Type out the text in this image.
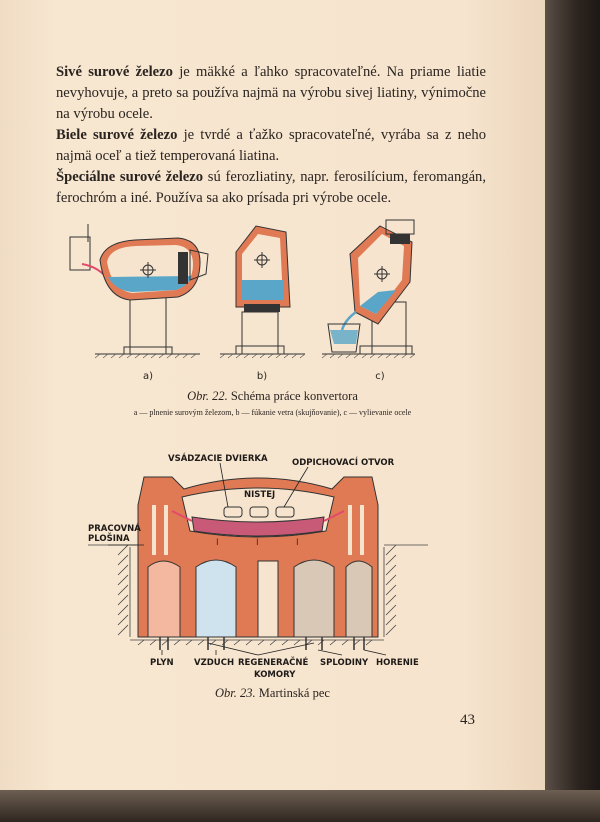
Sivé surové železo je mäkké a ľahko spracovateľné. Na priame liatie nevyhovuje, a preto sa používa najmä na výrobu sivej liatiny, výnimočne na výrobu ocele.

Biele surové železo je tvrdé a ťažko spracovateľné, vyrába sa z neho najmä oceľ a tiež temperovaná liatina.

Špeciálne surové železo sú ferozliatiny, napr. ferosilícium, feromangán, ferochróm a iné. Používa sa ako prísada pri výrobe ocele.

a)	b)	c)
Obr. 22. Schéma práce konvertora
a — plnenie surovým železom, b — fúkanie vetra (skujňovanie), c — vylievanie ocele
I	I	I
VSÁDZACIE DVIERKA	ODPICHOVACÍ OTVOR
NISTEJ
PRACOVNÁ
PLOŠINA
PLYN VZDUCH REGENERAČNÉ
KOMORY
SPLODINY HORENIE
Obr. 23. Martinská pec
43
